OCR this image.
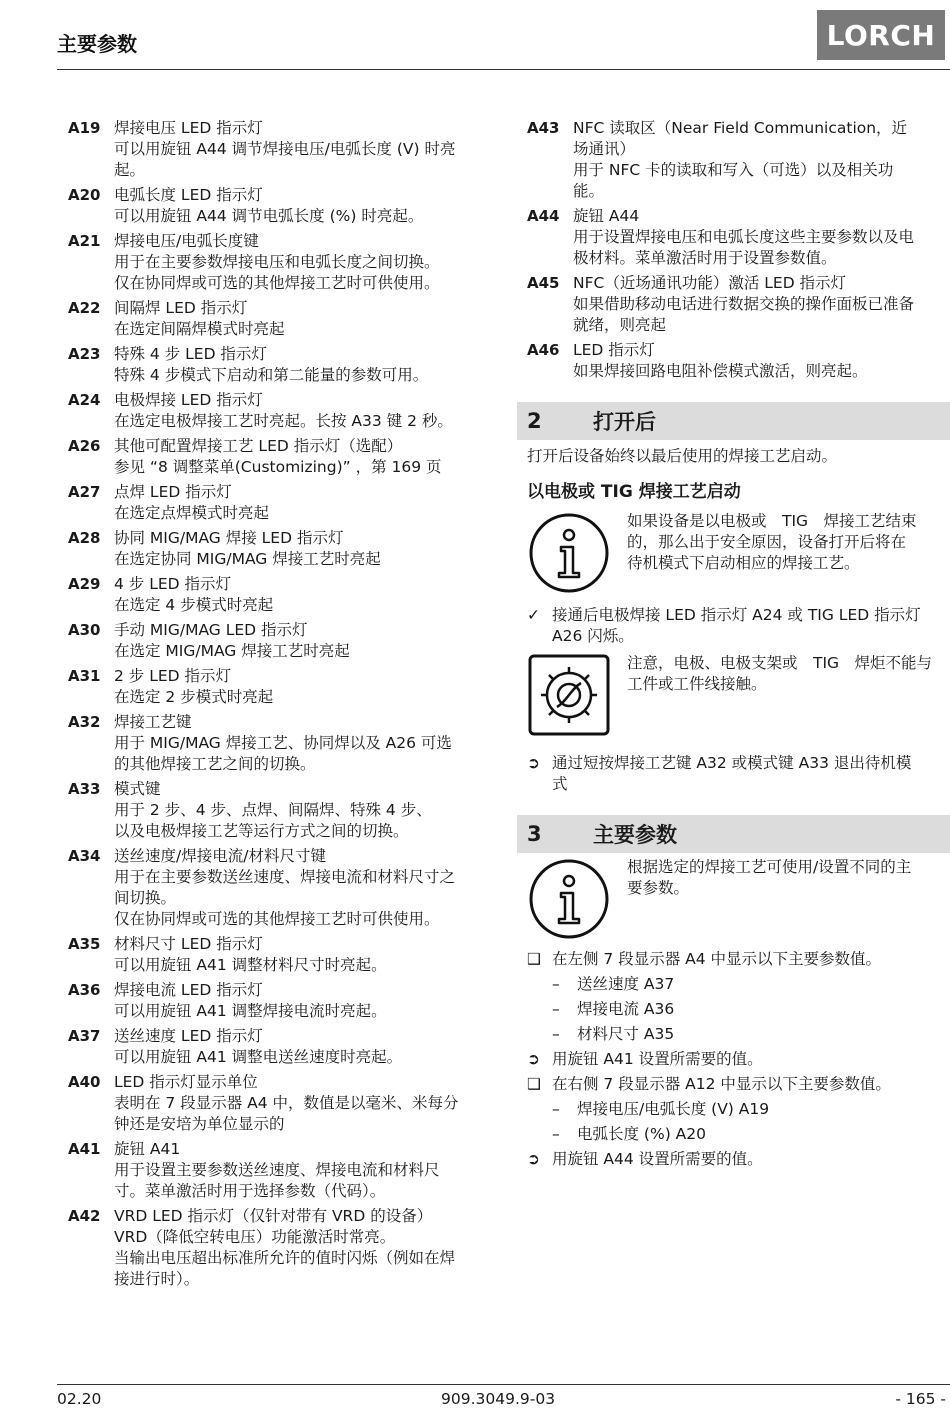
主要参数	LORCH
A19 焊接电压 LED 指示灯
可以用旋钮 A44 调节焊接电压/电弧长度 (V) 时亮
起。
A20 电弧长度 LED 指示灯
可以用旋钮 A44 调节电弧长度 (%) 时亮起。
A21 焊接电压/电弧长度键
用于在主要参数焊接电压和电弧长度之间切换。
仅在协同焊或可选的其他焊接工艺时可供使用。
A22 间隔焊 LED 指示灯
在选定间隔焊模式时亮起
A23 特殊 4 步 LED 指示灯
特殊 4 步模式下启动和第二能量的参数可用。
A24 电极焊接 LED 指示灯
在选定电极焊接工艺时亮起。长按 A33 键 2 秒。
A26 其他可配置焊接工艺 LED 指示灯（选配）
参见 “8 调整菜单(Customizing)” ，第 169 页
A27 点焊 LED 指示灯
在选定点焊模式时亮起
A28 协同 MIG/MAG 焊接 LED 指示灯
在选定协同 MIG/MAG 焊接工艺时亮起
A29 4 步 LED 指示灯
在选定 4 步模式时亮起
A30 手动 MIG/MAG LED 指示灯
在选定 MIG/MAG 焊接工艺时亮起
A31 2 步 LED 指示灯
在选定 2 步模式时亮起
A32 焊接工艺键
用于 MIG/MAG 焊接工艺、协同焊以及 A26 可选
的其他焊接工艺之间的切换。
A33 模式键
用于 2 步、4 步、点焊、间隔焊、特殊 4 步、
以及电极焊接工艺等运行方式之间的切换。
A34 送丝速度/焊接电流/材料尺寸键
用于在主要参数送丝速度、焊接电流和材料尺寸之
间切换。
仅在协同焊或可选的其他焊接工艺时可供使用。
A35 材料尺寸 LED 指示灯
可以用旋钮 A41 调整材料尺寸时亮起。
A36 焊接电流 LED 指示灯
可以用旋钮 A41 调整焊接电流时亮起。
A37 送丝速度 LED 指示灯
可以用旋钮 A41 调整电送丝速度时亮起。
A40 LED 指示灯显示单位
表明在 7 段显示器 A4 中，数值是以毫米、米每分
钟还是安培为单位显示的
A41 旋钮 A41
用于设置主要参数送丝速度、焊接电流和材料尺
寸。菜单激活时用于选择参数（代码）。
A42 VRD LED 指示灯（仅针对带有 VRD 的设备）
VRD（降低空转电压）功能激活时常亮。
当输出电压超出标准所允许的值时闪烁（例如在焊
接进行时）。
A43 NFC 读取区（Near Field Communication，近
场通讯）
用于 NFC 卡的读取和写入（可选）以及相关功
能。
A44 旋钮 A44
用于设置焊接电压和电弧长度这些主要参数以及电
极材料。菜单激活时用于设置参数值。
A45 NFC（近场通讯功能）激活 LED 指示灯
如果借助移动电话进行数据交换的操作面板已准备
就绪，则亮起
A46 LED 指示灯
如果焊接回路电阻补偿模式激活，则亮起。
2	打开后
打开后设备始终以最后使用的焊接工艺启动。
以电极或 TIG 焊接工艺启动
如果设备是以电极或　TIG　焊接工艺结束
的，那么出于安全原因，设备打开后将在
待机模式下启动相应的焊接工艺。
✓ 接通后电极焊接 LED 指示灯 A24 或 TIG LED 指示灯
A26 闪烁。
注意，电极、电极支架或　TIG　焊炬不能与
工件或工件线接触。
➲ 通过短按焊接工艺键 A32 或模式键 A33 退出待机模
式
3	主要参数
根据选定的焊接工艺可使用/设置不同的主
要参数。
❑ 在左侧 7 段显示器 A4 中显示以下主要参数值。
–	送丝速度 A37
–	焊接电流 A36
–	材料尺寸 A35
➲ 用旋钮 A41 设置所需要的值。
❑ 在右侧 7 段显示器 A12 中显示以下主要参数值。
–	焊接电压/电弧长度 (V) A19
–	电弧长度 (%) A20
➲ 用旋钮 A44 设置所需要的值。
02.20	909.3049.9-03	- 165 -
